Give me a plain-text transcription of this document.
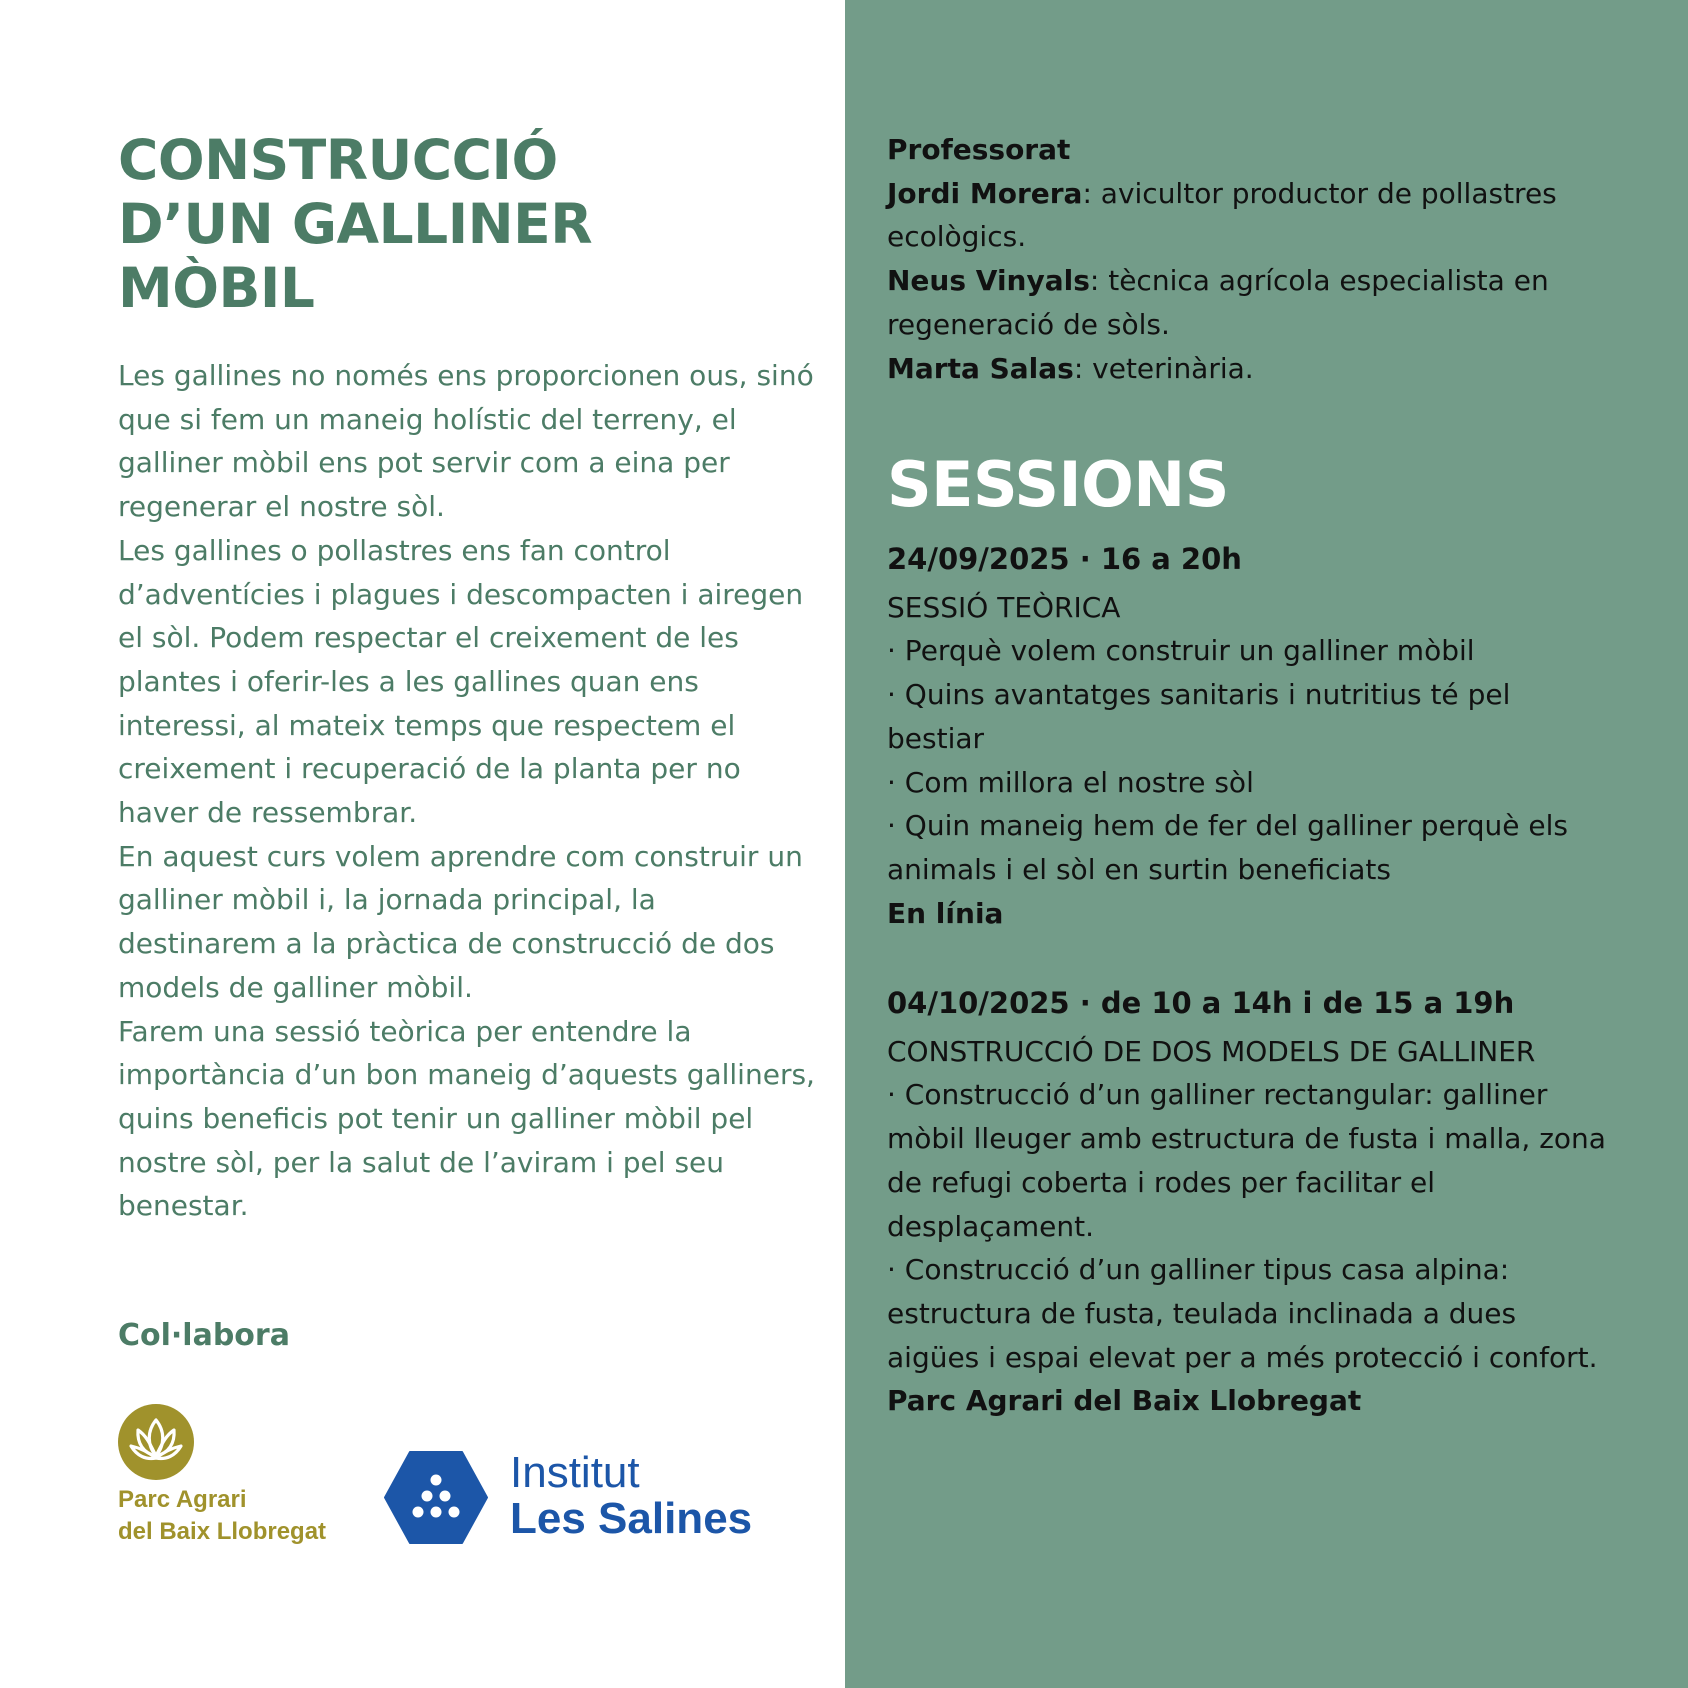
CONSTRUCCIÓ
D’UN GALLINER
MÒBIL

Les gallines no només ens proporcionen ous, sinó que si fem un maneig holístic del terreny, el galliner mòbil ens pot servir com a eina per regenerar el nostre sòl.

Les gallines o pollastres ens fan control d’adventícies i plagues i descompacten i airegen el sòl. Podem respectar el creixement de les plantes i oferir-les a les gallines quan ens interessi, al mateix temps que respectem el creixement i recuperació de la planta per no haver de ressembrar.

En aquest curs volem aprendre com construir un galliner mòbil i, la jornada principal, la destinarem a la pràctica de construcció de dos models de galliner mòbil.

Farem una sessió teòrica per entendre la importància d’un bon maneig d’aquests galliners, quins beneficis pot tenir un galliner mòbil pel nostre sòl, per la salut de l’aviram i pel seu benestar.

Col·labora
Parc Agrari
del Baix Llobregat
Institut
Les Salines

Professorat

Jordi Morera: avicultor productor de pollastres ecològics.

Neus Vinyals: tècnica agrícola especialista en regeneració de sòls.

Marta Salas: veterinària.

SESSIONS

24/09/2025 · 16 a 20h

SESSIÓ TEÒRICA

· Perquè volem construir un galliner mòbil

· Quins avantatges sanitaris i nutritius té pel bestiar

· Com millora el nostre sòl

· Quin maneig hem de fer del galliner perquè els animals i el sòl en surtin beneficiats

En línia

04/10/2025 · de 10 a 14h i de 15 a 19h

CONSTRUCCIÓ DE DOS MODELS DE GALLINER

· Construcció d’un galliner rectangular: galliner mòbil lleuger amb estructura de fusta i malla, zona de refugi coberta i rodes per facilitar el desplaçament.

· Construcció d’un galliner tipus casa alpina: estructura de fusta, teulada inclinada a dues aigües i espai elevat per a més protecció i confort.

Parc Agrari del Baix Llobregat
